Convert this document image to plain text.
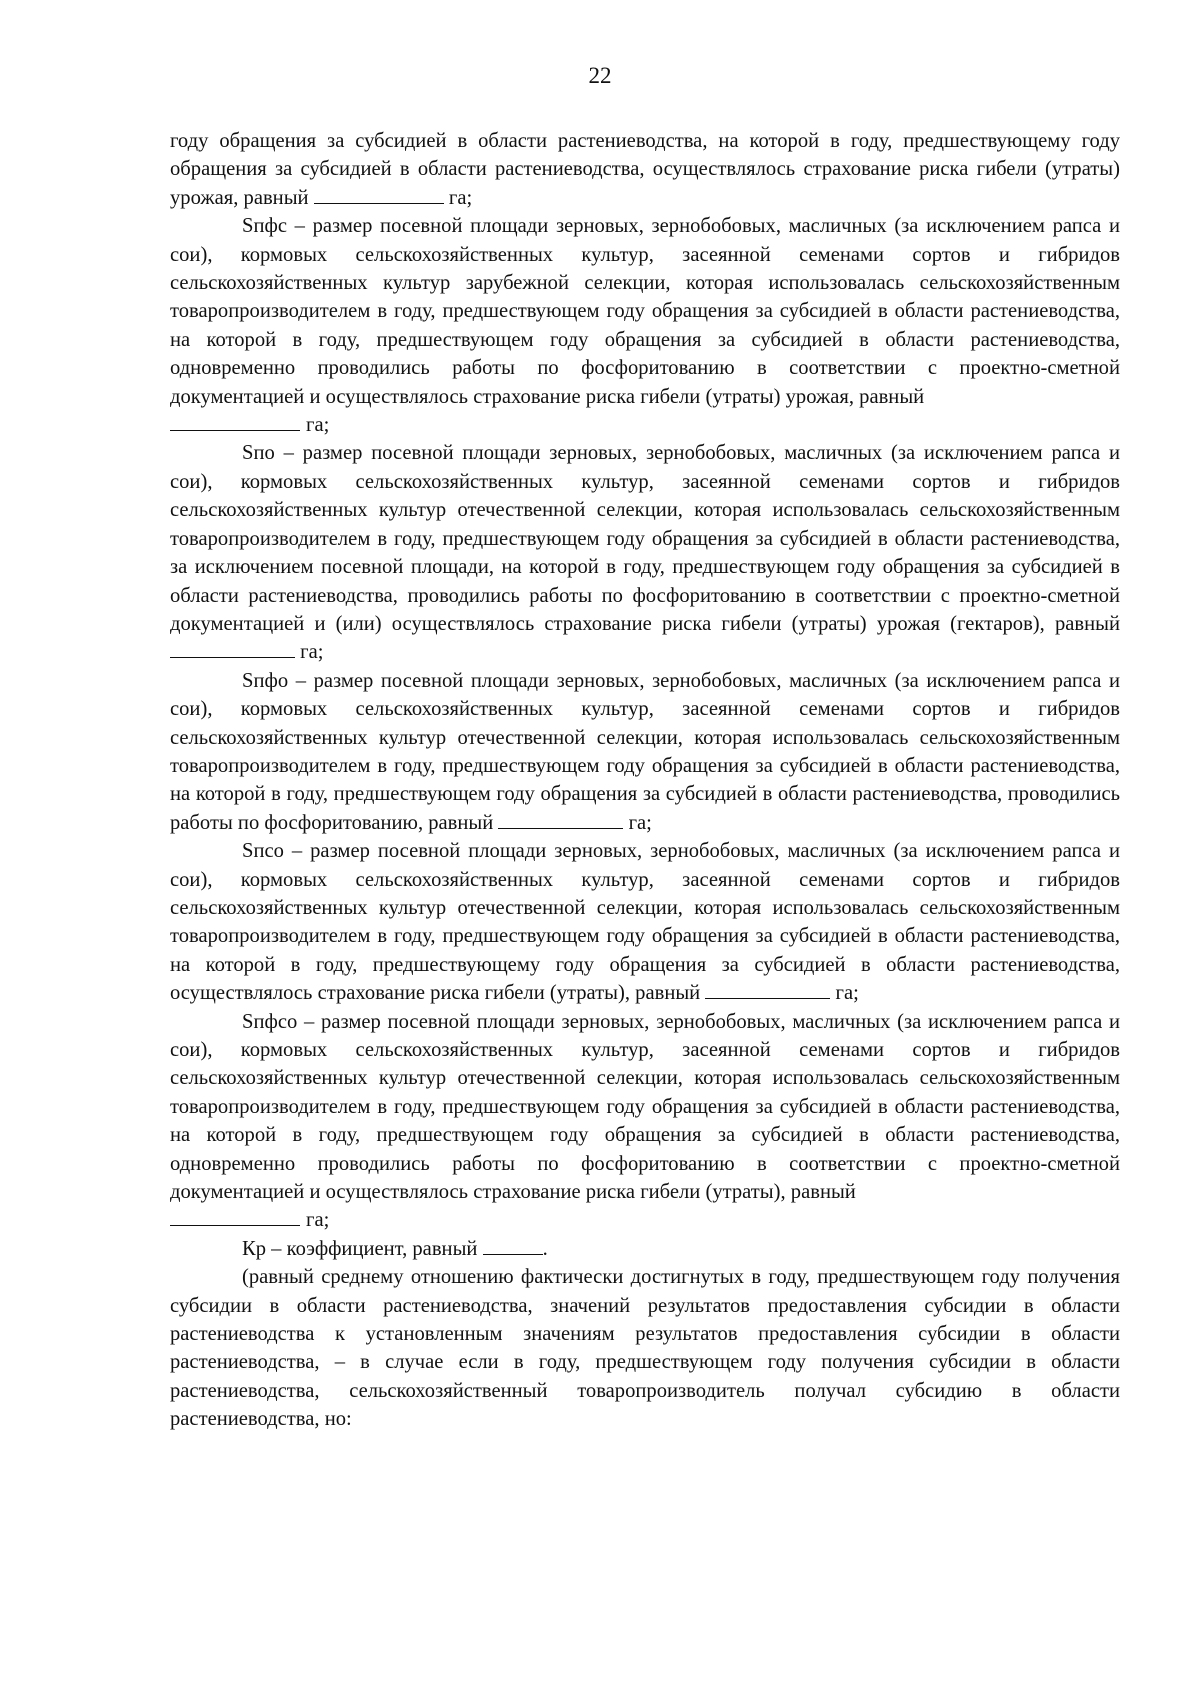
22

году обращения за субсидией в области растениеводства, на которой в году, предшествующему году обращения за субсидией в области растениеводства, осуществлялось страхование риска гибели (утраты) урожая, равный	га;

Sпфс – размер посевной площади зерновых, зернобобовых, масличных (за исключением рапса и сои), кормовых сельскохозяйственных культур, засеянной семенами сортов и гибридов сельскохозяйственных культур зарубежной селекции, которая использовалась сельскохозяйственным товаропроизводителем в году, предшествующем году обращения за субсидией в области растениеводства, на которой в году, предшествующем году обращения за субсидией в области растениеводства, одновременно проводились работы по фосфоритованию в соответствии с проектно-сметной документацией и осуществлялось страхование риска гибели (утраты) урожая, равный
га;

Sпо – размер посевной площади зерновых, зернобобовых, масличных (за исключением рапса и сои), кормовых сельскохозяйственных культур, засеянной семенами сортов и гибридов сельскохозяйственных культур отечественной селекции, которая использовалась сельскохозяйственным товаропроизводителем в году, предшествующем году обращения за субсидией в области растениеводства, за исключением посевной площади, на которой в году, предшествующем году обращения за субсидией в области растениеводства, проводились работы по фосфоритованию в соответствии с проектно-сметной документацией и (или) осуществлялось страхование риска гибели (утраты) урожая (гектаров), равный  га;

Sпфо – размер посевной площади зерновых, зернобобовых, масличных (за исключением рапса и сои), кормовых сельскохозяйственных культур, засеянной семенами сортов и гибридов сельскохозяйственных культур отечественной селекции, которая использовалась сельскохозяйственным товаропроизводителем в году, предшествующем году обращения за субсидией в области растениеводства, на которой в году, предшествующем году обращения за субсидией в области растениеводства, проводились работы по фосфоритованию, равный	га;

Sпсо – размер посевной площади зерновых, зернобобовых, масличных (за исключением рапса и сои), кормовых сельскохозяйственных культур, засеянной семенами сортов и гибридов сельскохозяйственных культур отечественной селекции, которая использовалась сельскохозяйственным товаропроизводителем в году, предшествующем году обращения за субсидией в области растениеводства, на которой в году, предшествующему году обращения за субсидией в области растениеводства, осуществлялось страхование риска гибели (утраты), равный	га;

Sпфсо – размер посевной площади зерновых, зернобобовых, масличных (за исключением рапса и сои), кормовых сельскохозяйственных культур, засеянной семенами сортов и гибридов сельскохозяйственных культур отечественной селекции, которая использовалась сельскохозяйственным товаропроизводителем в году, предшествующем году обращения за субсидией в области растениеводства, на которой в году, предшествующем году обращения за субсидией в области растениеводства, одновременно проводились работы по фосфоритованию в соответствии с проектно-сметной документацией и осуществлялось страхование риска гибели (утраты), равный
га;

Кр – коэффициент, равный	.

(равный среднему отношению фактически достигнутых в году, предшествующем году получения субсидии в области растениеводства, значений результатов предоставления субсидии в области растениеводства к установленным значениям результатов предоставления субсидии в области растениеводства, – в случае если в году, предшествующем году получения субсидии в области растениеводства, сельскохозяйственный товаропроизводитель получал субсидию в области растениеводства, но:
